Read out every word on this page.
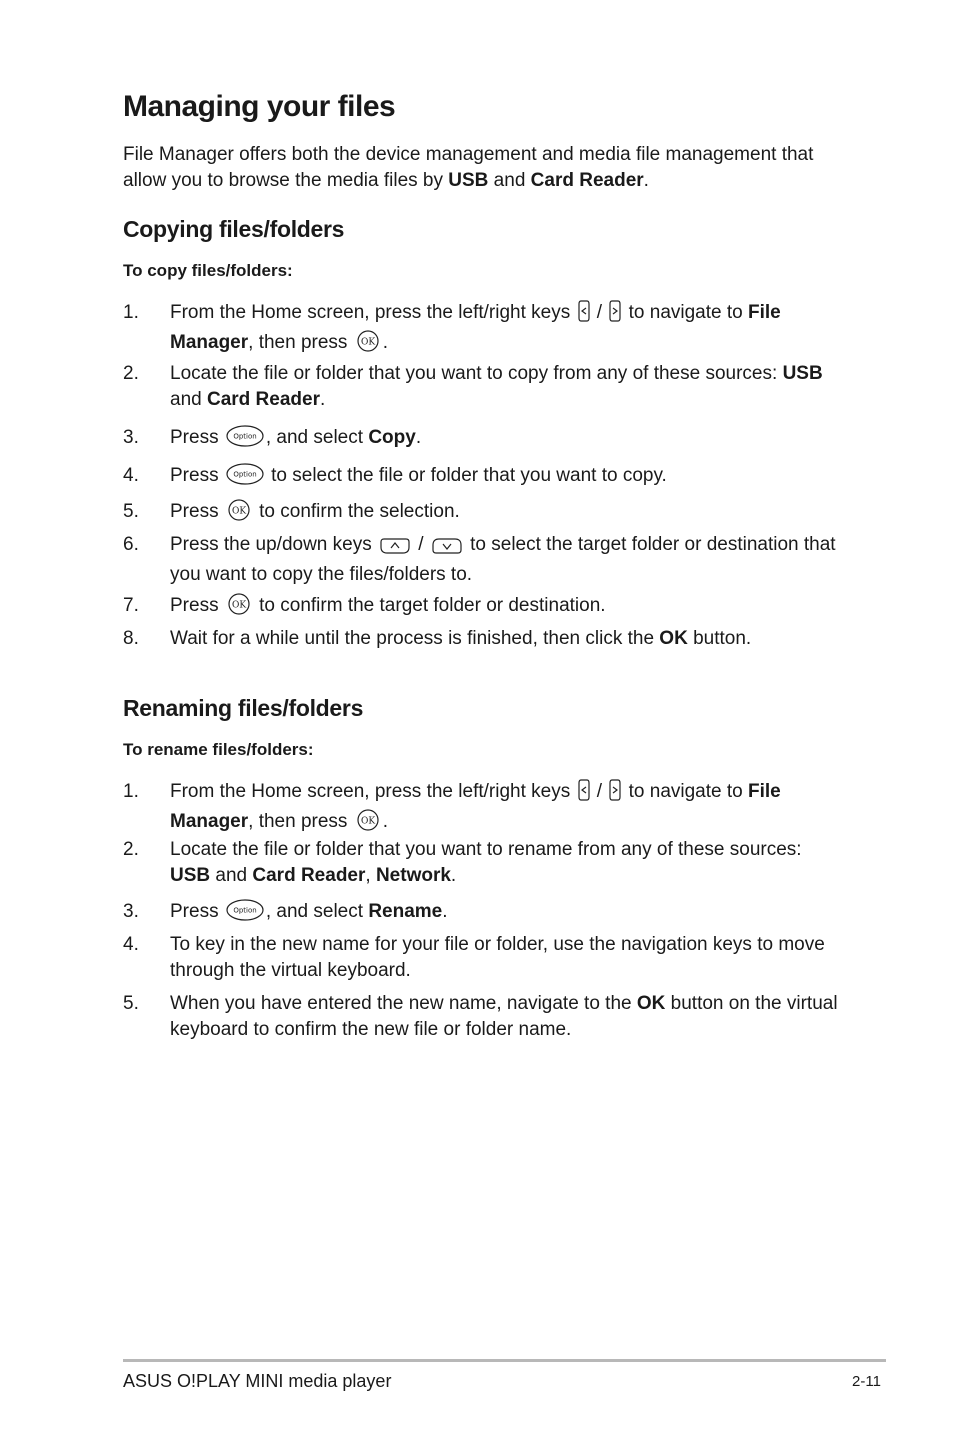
Managing your files

File Manager offers both the device management and media file management that allow you to browse the media files by USB and Card Reader.

Copying files/folders

To copy files/folders:

1.	From the Home screen, press the left/right keys / to navigate to File Manager, then press OK .
2.	Locate the file or folder that you want to copy from any of these sources: USB and Card Reader.
3.	Press Option , and select Copy.
4.	Press Option to select the file or folder that you want to copy.
5.	Press OK to confirm the selection.
6.	Press the up/down keys / to select the target folder or destination that you want to copy the files/folders to.
7.	Press OK to confirm the target folder or destination.
8.	Wait for a while until the process is finished, then click the OK button.
Renaming files/folders

To rename files/folders:

1.	From the Home screen, press the left/right keys / to navigate to File Manager, then press OK .
2.	Locate the file or folder that you want to rename from any of these sources: USB and Card Reader, Network.
3.	Press Option , and select Rename.
4.	To key in the new name for your file or folder, use the navigation keys to move through the virtual keyboard.
5.	When you have entered the new name, navigate to the OK button on the virtual keyboard to confirm the new file or folder name.
ASUS O!PLAY MINI media player	2-11
